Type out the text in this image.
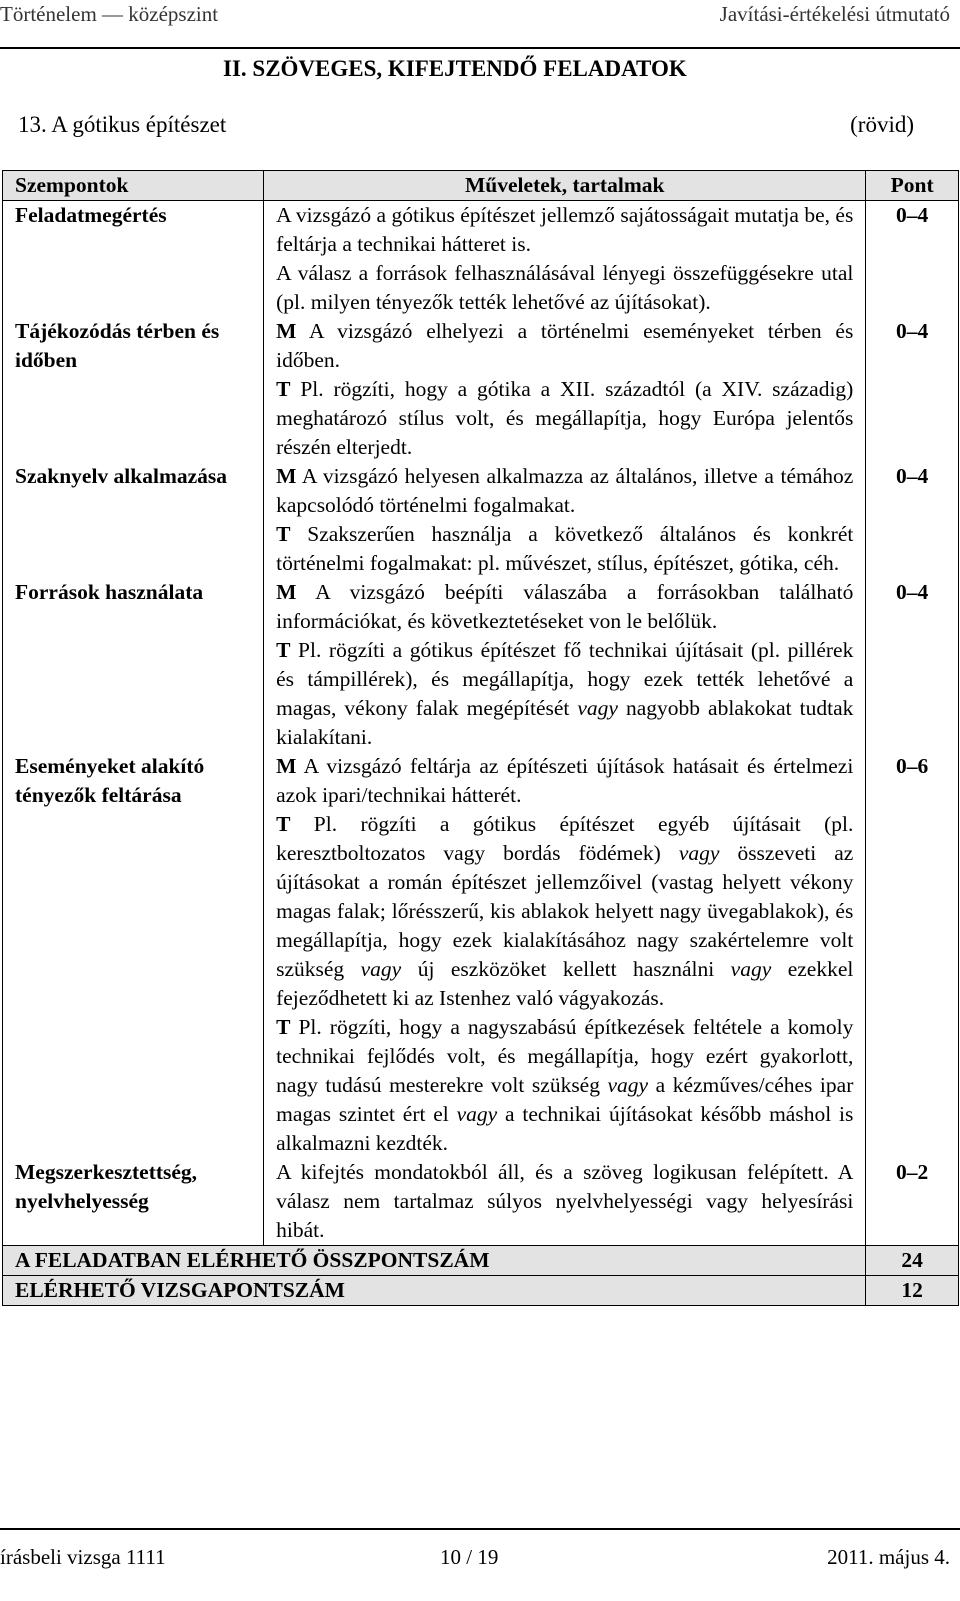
Történelem — középszint	Javítási-értékelési útmutató
II. SZÖVEGES, KIFEJTENDŐ FELADATOK
13. A gótikus építészet	(rövid)
Szempontok	Műveletek, tartalmak	Pont
Feladatmegértés	A vizsgázó a gótikus építészet jellemző sajátosságait mutatja be, és feltárja a technikai hátteret is.

A válasz a források felhasználásával lényegi összefüggésekre utal (pl. milyen tényezők tették lehetővé az újításokat).	0–4
Tájékozódás térben és időben	M A vizsgázó elhelyezi a történelmi eseményeket térben és időben.

T Pl. rögzíti, hogy a gótika a XII. századtól (a XIV. századig) meghatározó stílus volt, és megállapítja, hogy Európa jelentős részén elterjedt.	0–4
Szaknyelv alkalmazása	M A vizsgázó helyesen alkalmazza az általános, illetve a témához kapcsolódó történelmi fogalmakat.

T Szakszerűen használja a következő általános és konkrét történelmi fogalmakat: pl. művészet, stílus, építészet, gótika, céh.	0–4
Források használata	M A vizsgázó beépíti válaszába a forrásokban található információkat, és következtetéseket von le belőlük.

T Pl. rögzíti a gótikus építészet fő technikai újításait (pl. pillérek és támpillérek), és megállapítja, hogy ezek tették lehetővé a magas, vékony falak megépítését vagy nagyobb ablakokat tudtak kialakítani.	0–4
Eseményeket alakító tényezők feltárása	M A vizsgázó feltárja az építészeti újítások hatásait és értelmezi azok ipari/technikai hátterét.

T Pl. rögzíti a gótikus építészet egyéb újításait (pl. keresztboltozatos vagy bordás födémek) vagy összeveti az újításokat a román építészet jellemzőivel (vastag helyett vékony magas falak; lőrésszerű, kis ablakok helyett nagy üvegablakok), és megállapítja, hogy ezek kialakításához nagy szakértelemre volt szükség vagy új eszközöket kellett használni vagy ezekkel fejeződhetett ki az Istenhez való vágyakozás.

T Pl. rögzíti, hogy a nagyszabású építkezések feltétele a komoly technikai fejlődés volt, és megállapítja, hogy ezért gyakorlott, nagy tudású mesterekre volt szükség vagy a kézműves/céhes ipar magas szintet ért el vagy a technikai újításokat később máshol is alkalmazni kezdték.	0–6
Megszerkesztettség, nyelvhelyesség	A kifejtés mondatokból áll, és a szöveg logikusan felépített. A válasz nem tartalmaz súlyos nyelvhelyességi vagy helyesírási hibát.	0–2
A FELADATBAN ELÉRHETŐ ÖSSZPONTSZÁM		24
ELÉRHETŐ VIZSGAPONTSZÁM		12
írásbeli vizsga 1111	10 / 19	2011. május 4.
